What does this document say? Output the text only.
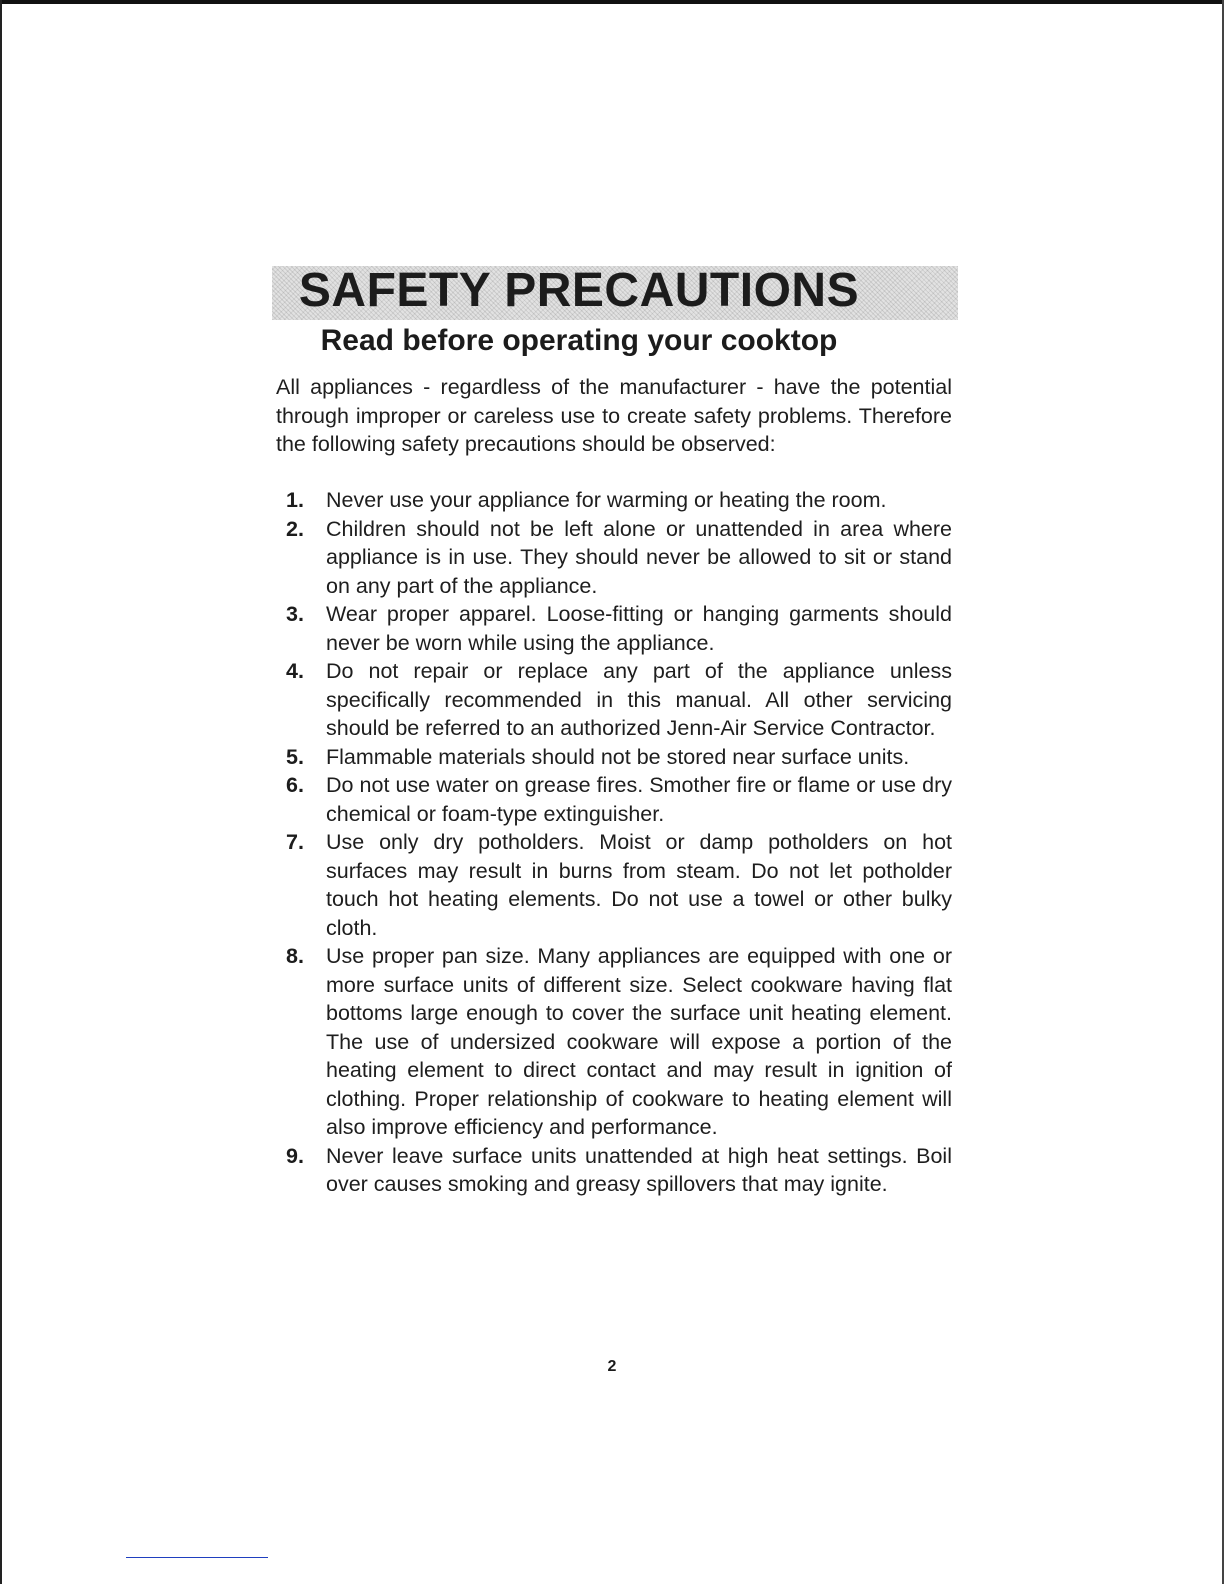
SAFETY PRECAUTIONS
Read before operating your cooktop

All appliances - regardless of the manufacturer - have the potential through improper or careless use to create safety problems. Therefore the following safety precautions should be observed:

1. Never use your appliance for warming or heating the room.
2. Children should not be left alone or unattended in area where appliance is in use. They should never be allowed to sit or stand on any part of the appliance.
3. Wear proper apparel. Loose-fitting or hanging garments should never be worn while using the appliance.
4. Do not repair or replace any part of the appliance unless specifically recommended in this manual. All other servicing should be referred to an authorized Jenn-Air Service Contractor.
5. Flammable materials should not be stored near surface units.
6. Do not use water on grease fires. Smother fire or flame or use dry chemical or foam-type extinguisher.
7. Use only dry potholders. Moist or damp potholders on hot surfaces may result in burns from steam. Do not let potholder touch hot heating elements. Do not use a towel or other bulky cloth.
8. Use proper pan size. Many appliances are equipped with one or more surface units of different size. Select cookware having flat bottoms large enough to cover the surface unit heating element. The use of undersized cookware will expose a portion of the heating element to direct contact and may result in ignition of clothing. Proper relationship of cookware to heating element will also improve efficiency and performance.
9. Never leave surface units unattended at high heat settings. Boil over causes smoking and greasy spillovers that may ignite.
2
